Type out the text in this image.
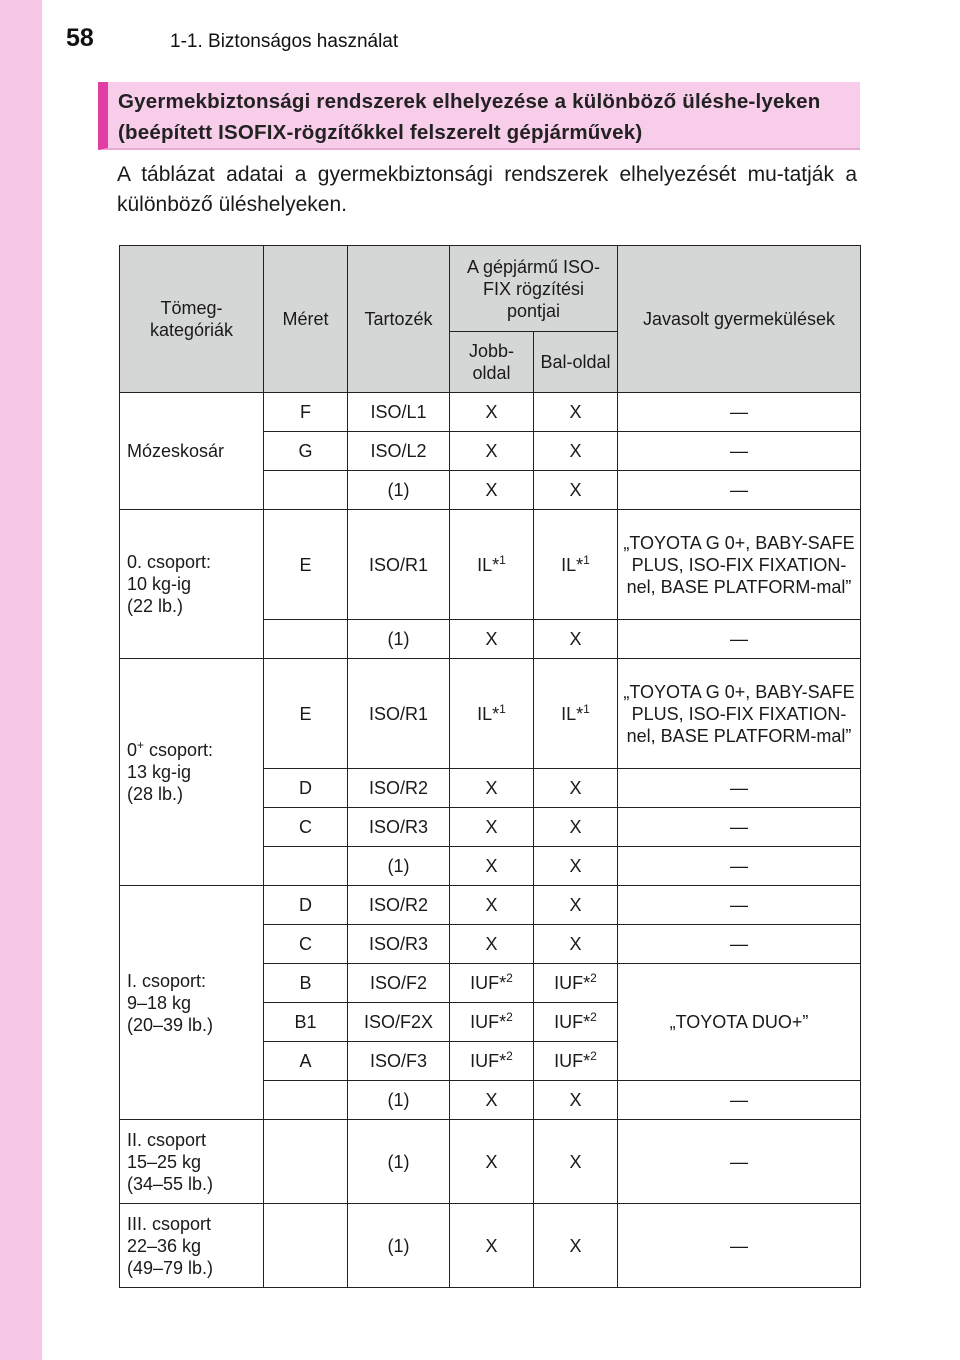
58	1-1. Biztonságos használat
Gyermekbiztonsági rendszerek elhelyezése a különböző üléshe-lyeken (beépített ISOFIX-rögzítőkkel felszerelt gépjárművek)
A táblázat adatai a gyermekbiztonsági rendszerek elhelyezését mu-tatják a különböző üléshelyeken.
Tömeg-kategóriák	Méret	Tartozék	A gépjármű ISO-FIX rögzítési pontjai		Javasolt gyermekülések
			Jobb-oldal	Bal-oldal	
Mózeskosár	F	ISO/L1	X	X	—
	G	ISO/L2	X	X	—
		(1)	X	X	—

0. csoport:
10 kg-ig
(22 lb.)	E	ISO/R1	IL*$^1$	IL*$^1$	„TOYOTA G 0+, BABY-SAFE PLUS, ISO-FIX FIXATION-nel, BASE PLATFORM-mal”
		(1)	X	X	—

0+ csoport:
13 kg-ig
(28 lb.)	E	ISO/R1	IL*$^1$	IL*$^1$	„TOYOTA G 0+, BABY-SAFE PLUS, ISO-FIX FIXATION-nel, BASE PLATFORM-mal”
	D	ISO/R2	X	X	—
	C	ISO/R3	X	X	—
		(1)	X	X	—

I. csoport:
9–18 kg
(20–39 lb.)	D	ISO/R2	X	X	—
	C	ISO/R3	X	X	—
	B	ISO/F2	IUF*$^2$	IUF*$^2$	„TOYOTA DUO+”
	B1	ISO/F2X	IUF*$^2$	IUF*$^2$
	A	ISO/F3	IUF*$^2$	IUF*$^2$
		(1)	X	X	—

II. csoport
15–25 kg
(34–55 lb.)		(1)	X	X	—

III. csoport
22–36 kg
(49–79 lb.)		(1)	X	X	—
